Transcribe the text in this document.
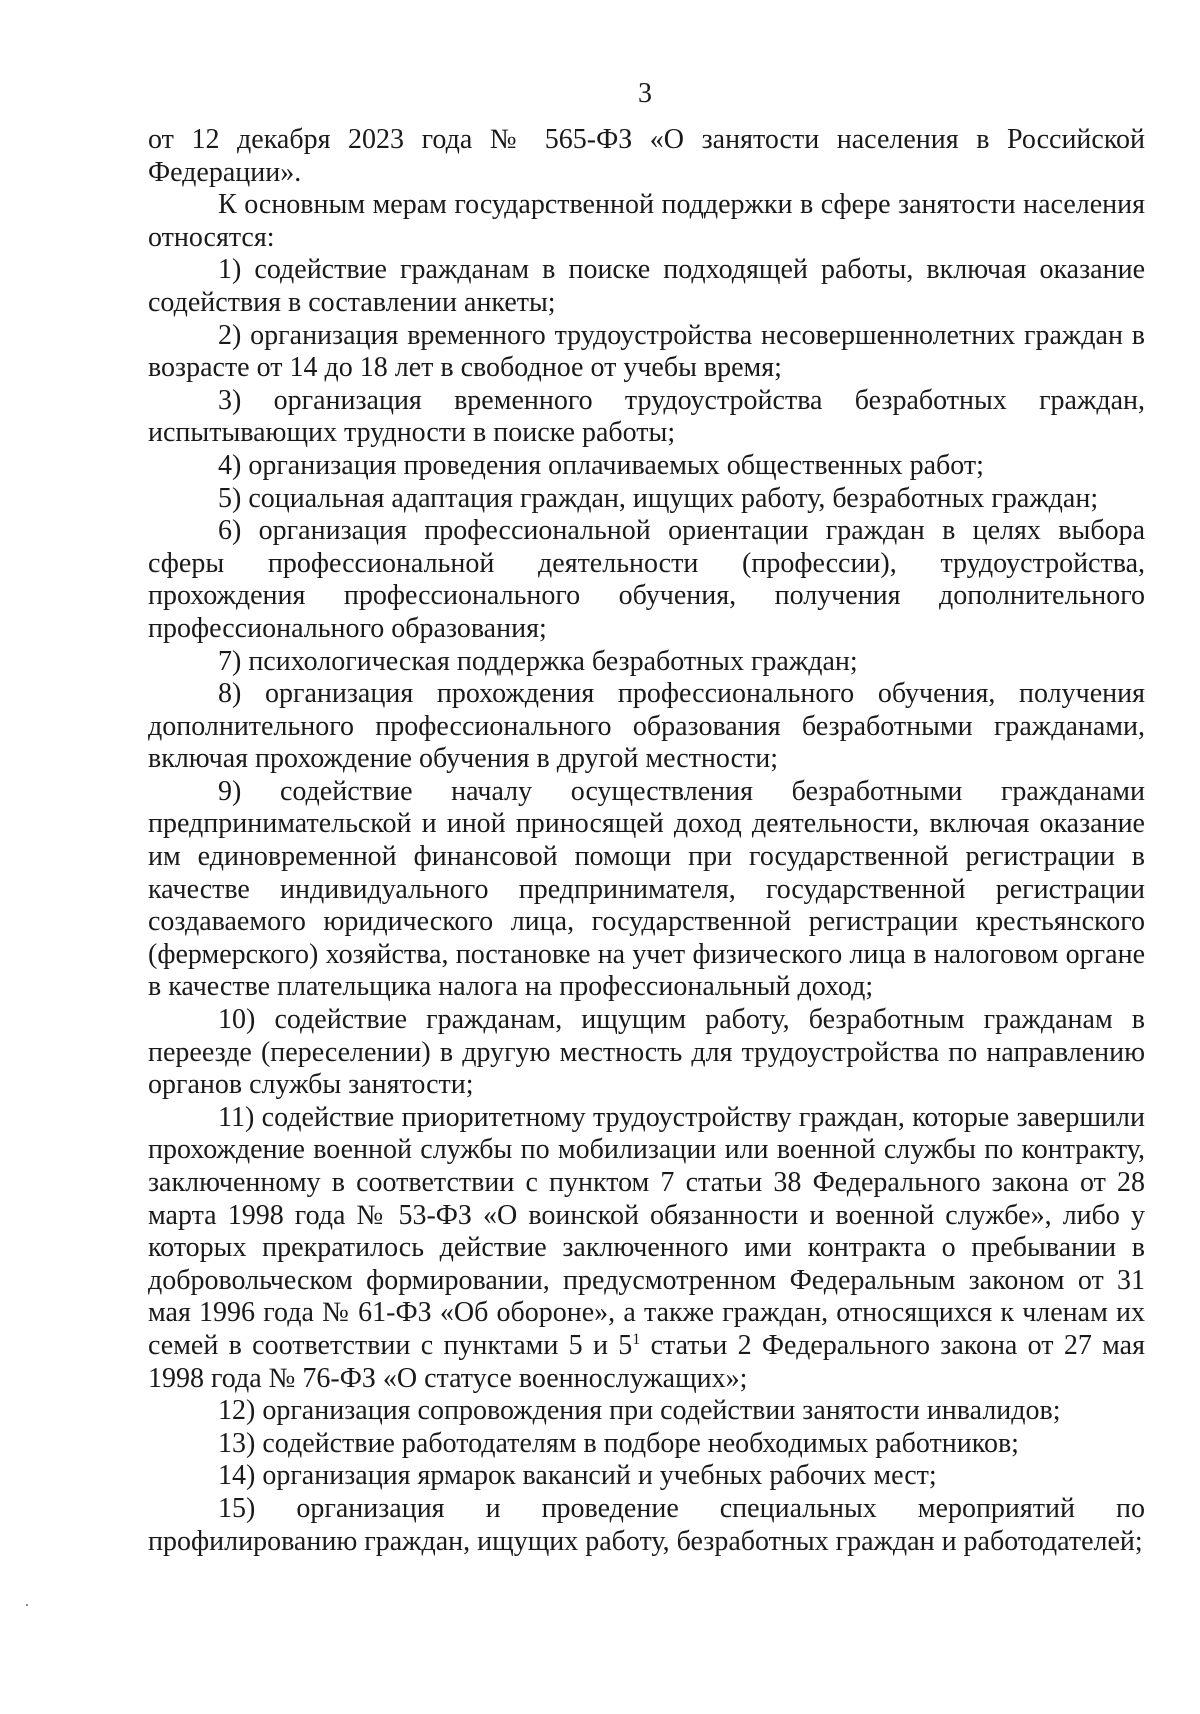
3

от 12 декабря 2023 года № 565-ФЗ «О занятости населения в Российской Федерации».

К основным мерам государственной поддержки в сфере занятости населения относятся:

1) содействие гражданам в поиске подходящей работы, включая оказание содействия в составлении анкеты;

2) организация временного трудоустройства несовершеннолетних граждан в возрасте от 14 до 18 лет в свободное от учебы время;

3) организация временного трудоустройства безработных граждан, испытывающих трудности в поиске работы;

4) организация проведения оплачиваемых общественных работ;

5) социальная адаптация граждан, ищущих работу, безработных граждан;

6) организация профессиональной ориентации граждан в целях выбора сферы профессиональной деятельности (профессии), трудоустройства, прохождения профессионального обучения, получения дополнительного профессионального образования;

7) психологическая поддержка безработных граждан;

8) организация прохождения профессионального обучения, получения дополнительного профессионального образования безработными гражданами, включая прохождение обучения в другой местности;

9) содействие началу осуществления безработными гражданами предпринимательской и иной приносящей доход деятельности, включая оказание им единовременной финансовой помощи при государственной регистрации в качестве индивидуального предпринимателя, государственной регистрации создаваемого юридического лица, государственной регистрации крестьянского (фермерского) хозяйства, постановке на учет физического лица в налоговом органе в качестве плательщика налога на профессиональный доход;

10) содействие гражданам, ищущим работу, безработным гражданам в переезде (переселении) в другую местность для трудоустройства по направлению органов службы занятости;

11) содействие приоритетному трудоустройству граждан, которые завершили прохождение военной службы по мобилизации или военной службы по контракту, заключенному в соответствии с пунктом 7 статьи 38 Федерального закона от 28 марта 1998 года № 53-ФЗ «О воинской обязанности и военной службе», либо у которых прекратилось действие заключенного ими контракта о пребывании в добровольческом формировании, предусмотренном Федеральным законом от 31 мая 1996 года № 61-ФЗ «Об обороне», а также граждан, относящихся к членам их семей в соответствии с пунктами 5 и $5^1$ статьи 2 Федерального закона от 27 мая 1998 года № 76-ФЗ «О статусе военнослужащих»;

12) организация сопровождения при содействии занятости инвалидов;

13) содействие работодателям в подборе необходимых работников;

14) организация ярмарок вакансий и учебных рабочих мест;

15) организация и проведение специальных мероприятий по профилированию граждан, ищущих работу, безработных граждан и работодателей;
